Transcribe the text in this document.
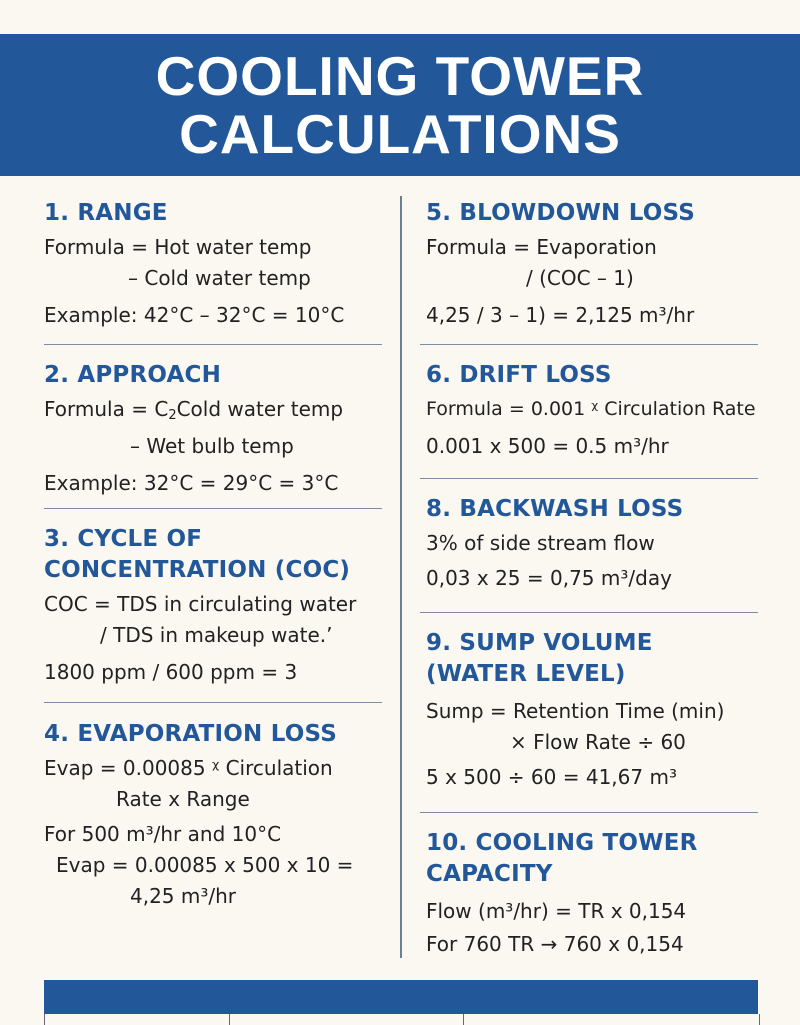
COOLING TOWER
CALCULATIONS
1. RANGE
Formula = Hot water temp
– Cold water temp
Example: 42°C – 32°C = 10°C
2. APPROACH
Formula = $C_2Cold$ water temp
– Wet bulb temp
Example: 32°C = 29°C = 3°C
3. CYCLE OF
CONCENTRATION (COC)
COC = TDS in circulating water
/ TDS in makeup wate.’
1800 ppm / 600 ppm = 3
4. EVAPORATION LOSS
Evap = 0.00085 ᵡ Circulation
Rate x Range
For 500 m³/hr and 10°C
Evap = 0.00085 x 500 x 10 =
4,25 m³/hr
5. BLOWDOWN LOSS
Formula = Evaporation
/ (COC – 1)
4,25 / 3 – 1) = 2,125 m³/hr
6. DRIFT LOSS
Formula = 0.001 ᵡ Circulation Rate
0.001 x 500 = 0.5 m³/hr
8. BACKWASH LOSS
3% of side stream flow
0,03 x 25 = 0,75 m³/day
9. SUMP VOLUME
(WATER LEVEL)
Sump = Retention Time (min)
× Flow Rate ÷ 60
5 x 500 ÷ 60 = 41,67 m³
10. COOLING TOWER
CAPACITY
Flow (m³/hr) = TR x 0,154
For 760 TR → 760 x 0,154
